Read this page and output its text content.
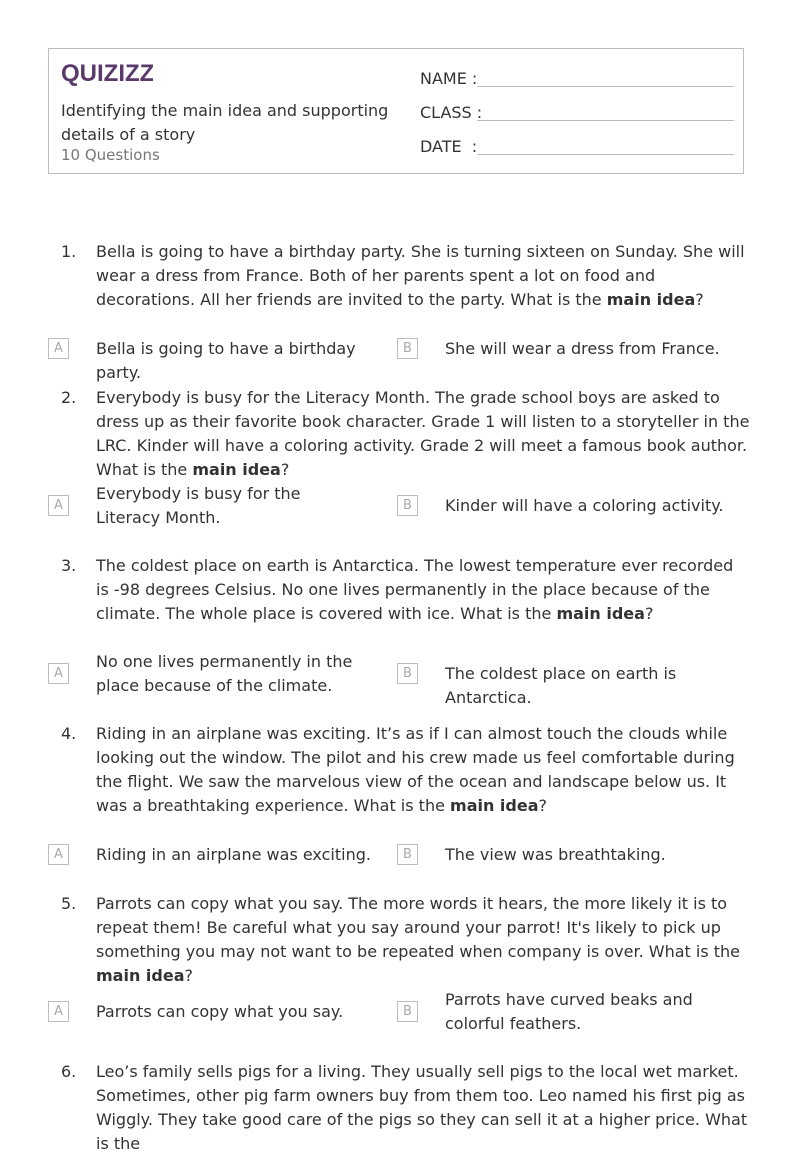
QUIZIZZ
Identifying the main idea and supporting details of a story
10 Questions
NAME :
CLASS :
DATE  :
1. Bella is going to have a birthday party. She is turning sixteen on Sunday. She will wear a dress from France. Both of her parents spent a lot on food and decorations. All her friends are invited to the party. What is the main idea?
A	Bella is going to have a birthday party.
B	She will wear a dress from France.
2. Everybody is busy for the Literacy Month. The grade school boys are asked to dress up as their favorite book character. Grade 1 will listen to a storyteller in the LRC. Kinder will have a coloring activity. Grade 2 will meet a famous book author. What is the main idea?
A
Everybody is busy for the Literacy Month.
B	Kinder will have a coloring activity.
3. The coldest place on earth is Antarctica. The lowest temperature ever recorded is -98 degrees Celsius. No one lives permanently in the place because of the climate. The whole place is covered with ice. What is the main idea?
A
No one lives permanently in the place because of the climate.
B	The coldest place on earth is Antarctica.
4. Riding in an airplane was exciting. It’s as if I can almost touch the clouds while looking out the window. The pilot and his crew made us feel comfortable during the flight. We saw the marvelous view of the ocean and landscape below us. It was a breathtaking experience. What is the main idea?
A	Riding in an airplane was exciting.	B	The view was breathtaking.
5. Parrots can copy what you say. The more words it hears, the more likely it is to repeat them! Be careful what you say around your parrot! It's likely to pick up something you may not want to be repeated when company is over. What is the main idea?
A	Parrots can copy what you say.	B
Parrots have curved beaks and colorful feathers.
6. Leo’s family sells pigs for a living. They usually sell pigs to the local wet market. Sometimes, other pig farm owners buy from them too. Leo named his first pig as Wiggly. They take good care of the pigs so they can sell it at a higher price. What is the
